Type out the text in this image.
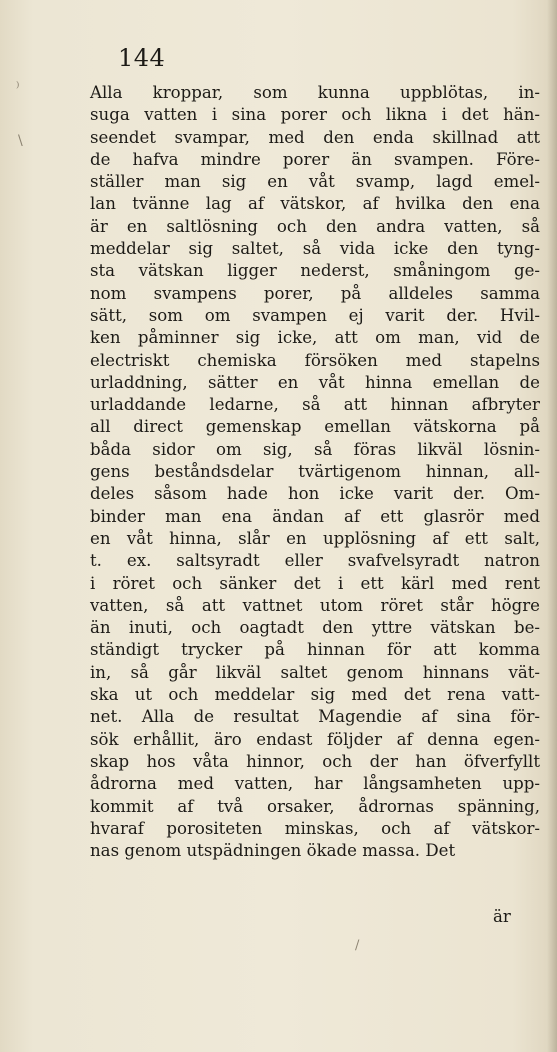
⁾
\
/
144
Alla kroppar, som kunna uppblötas, in-
suga vatten i sina porer och likna i det hän-
seendet svampar, med den enda skillnad att
de hafva mindre porer än svampen. Före-
ställer man sig en våt svamp, lagd emel-
lan tvänne lag af vätskor, af hvilka den ena
är en saltlösning och den andra vatten, så
meddelar sig saltet, så vida icke den tyng-
sta vätskan ligger nederst, småningom ge-
nom svampens porer, på alldeles samma
sätt, som om svampen ej varit der. Hvil-
ken påminner sig icke, att om man, vid de
electriskt chemiska försöken med stapelns
urladdning, sätter en våt hinna emellan de
urladdande ledarne, så att hinnan afbryter
all direct gemenskap emellan vätskorna på
båda sidor om sig, så föras likväl lösnin-
gens beståndsdelar tvärtigenom hinnan, all-
deles såsom hade hon icke varit der. Om-
binder man ena ändan af ett glasrör med
en våt hinna, slår en upplösning af ett salt,
t. ex. saltsyradt eller svafvelsyradt natron
i röret och sänker det i ett kärl med rent
vatten, så att vattnet utom röret står högre
än inuti, och oagtadt den yttre vätskan be-
ständigt trycker på hinnan för att komma
in, så går likväl saltet genom hinnans vät-
ska ut och meddelar sig med det rena vatt-
net. Alla de resultat Magendie af sina för-
sök erhållit, äro endast följder af denna egen-
skap hos våta hinnor, och der han öfverfyllt
ådrorna med vatten, har långsamheten upp-
kommit af två orsaker, ådrornas spänning,
hvaraf porositeten minskas, och af vätskor-
nas genom utspädningen ökade massa. Det
är
